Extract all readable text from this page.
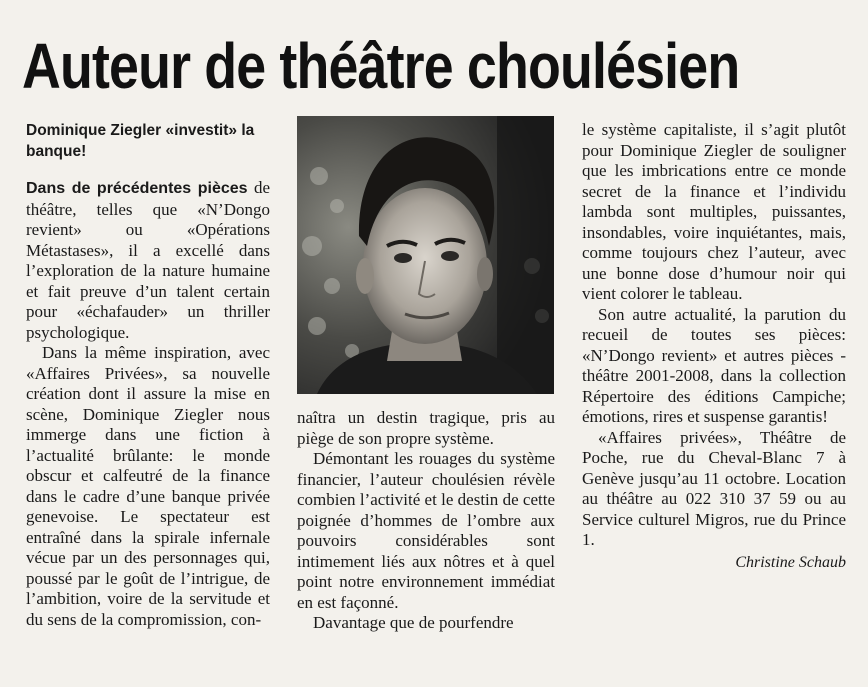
Auteur de théâtre choulésien
Dominique Ziegler «investit» la banque!

Dans de précédentes pièces de théâtre, telles que «N’Dongo revient» ou «Opérations Métastases», il a excellé dans l’exploration de la nature humaine et fait preuve d’un talent certain pour «échafauder» un thriller psychologique.

Dans la même inspiration, avec «Affaires Privées», sa nouvelle création dont il assure la mise en scène, Dominique Ziegler nous immerge dans une fiction à l’actualité brûlante: le monde obscur et calfeutré de la finance dans le cadre d’une banque privée genevoise. Le spectateur est entraîné dans la spirale infernale vécue par un des personnages qui, poussé par le goût de l’intrigue, de l’ambition, voire de la servitude et du sens de la compromission, con-

naîtra un destin tragique, pris au piège de son propre système.

Démontant les rouages du système financier, l’auteur choulésien révèle combien l’activité et le destin de cette poignée d’hommes de l’ombre aux pouvoirs considérables sont intimement liés aux nôtres et à quel point notre environnement immédiat en est façonné.

Davantage que de pourfendre

le système capitaliste, il s’agit plutôt pour Dominique Ziegler de souligner que les imbrications entre ce monde secret de la finance et l’individu lambda sont multiples, puissantes, insondables, voire inquiétantes, mais, comme toujours chez l’auteur, avec une bonne dose d’humour noir qui vient colorer le tableau.

Son autre actualité, la parution du recueil de toutes ses pièces: «N’Dongo revient» et autres pièces - théâtre 2001-2008, dans la collection Répertoire des éditions Campiche; émotions, rires et suspense garantis!

«Affaires privées», Théâtre de Poche, rue du Cheval-Blanc 7 à Genève jusqu’au 11 octobre. Location au théâtre au 022 310 37 59 ou au Service culturel Migros, rue du Prince 1.

Christine Schaub
